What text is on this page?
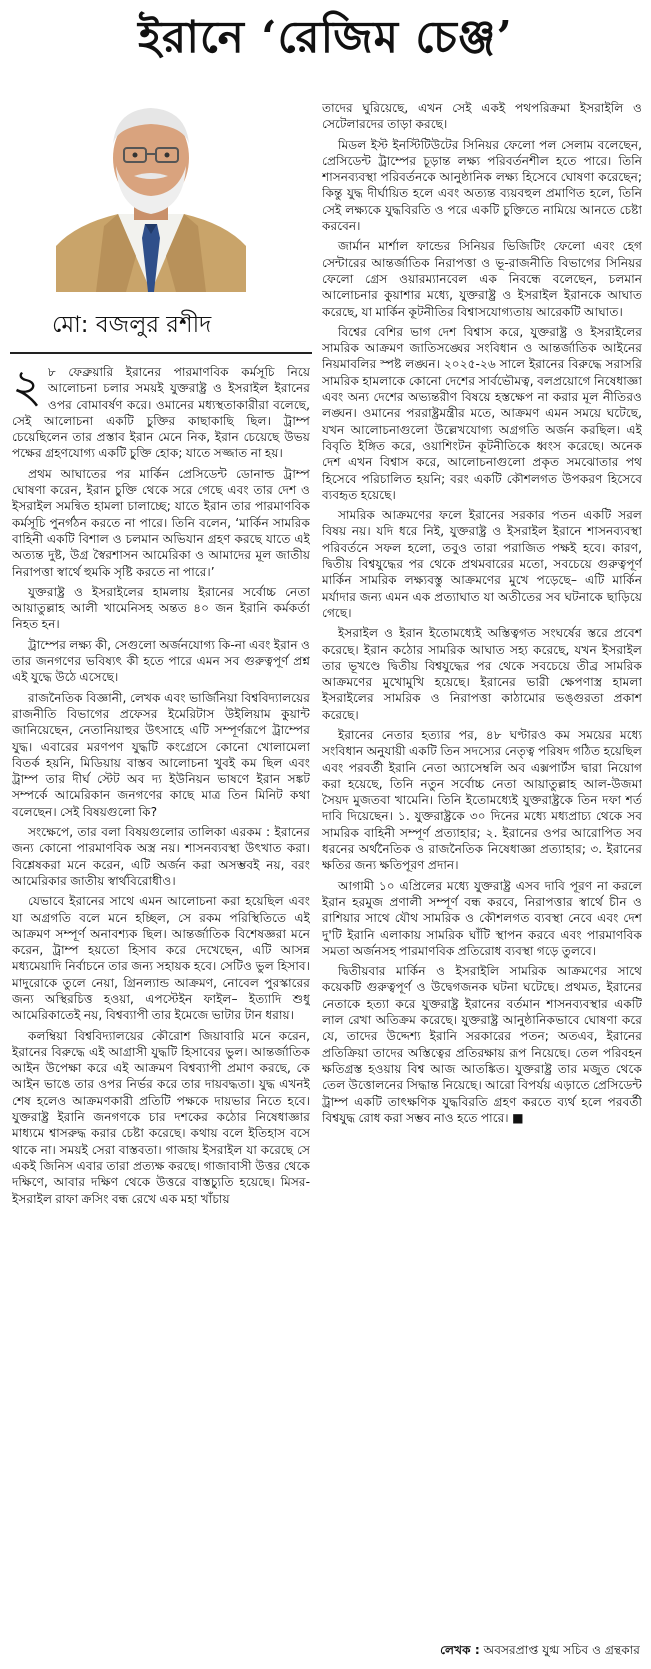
ইরানে ‘রেজিম চেঞ্জ’
মো: বজলুর রশীদ

২ ৮ ফেব্রুয়ারি ইরানের পারমাণবিক কর্মসূচি নিয়ে আলোচনা চলার সময়ই যুক্তরাষ্ট্র ও ইসরাইল ইরানের ওপর বোমাবর্ষণ করে। ওমানের মধ্যস্থতাকারীরা বলেছে, সেই আলোচনা একটি চুক্তির কাছাকাছি ছিল। ট্রাম্প চেয়েছিলেন তার প্রস্তাব ইরান মেনে নিক, ইরান চেয়েছে উভয় পক্ষের গ্রহণযোগ্য একটি চুক্তি হোক; যাতে সজ্জাত না হয়।

প্রথম আঘাতের পর মার্কিন প্রেসিডেন্ট ডোনাল্ড ট্রাম্প ঘোষণা করেন, ইরান চুক্তি থেকে সরে গেছে এবং তার দেশ ও ইসরাইল সমন্বিত হামলা চালাচ্ছে; যাতে ইরান তার পারমাণবিক কর্মসূচি পুনর্গঠন করতে না পারে। তিনি বলেন, ‘মার্কিন সামরিক বাহিনী একটি বিশাল ও চলমান অভিযান গ্রহণ করছে যাতে এই অত্যন্ত দুষ্ট, উগ্র স্বৈরশাসন আমেরিকা ও আমাদের মূল জাতীয় নিরাপত্তা স্বার্থে হুমকি সৃষ্টি করতে না পারে।’

যুক্তরাষ্ট্র ও ইসরাইলের হামলায় ইরানের সর্বোচ্চ নেতা আয়াতুল্লাহ আলী খামেনিসহ অন্তত ৪০ জন ইরানি কর্মকর্তা নিহত হন।

ট্রাম্পের লক্ষ্য কী, সেগুলো অর্জনযোগ্য কি-না এবং ইরান ও তার জনগণের ভবিষ্যৎ কী হতে পারে এমন সব গুরুত্বপূর্ণ প্রশ্ন এই যুদ্ধে উঠে এসেছে।

রাজনৈতিক বিজ্ঞানী, লেখক এবং ভার্জিনিয়া বিশ্ববিদ্যালয়ের রাজনীতি বিভাগের প্রফেসর ইমেরিটাস উইলিয়াম কুয়ান্ট জানিয়েছেন, নেতানিয়াহুর উৎসাহে এটি সম্পূর্ণরূপে ট্রাম্পের যুদ্ধ। এবারের মরণপণ যুদ্ধটি কংগ্রেসে কোনো খোলামেলা বিতর্ক হয়নি, মিডিয়ায় বাস্তব আলোচনা খুবই কম ছিল এবং ট্রাম্প তার দীর্ঘ স্টেট অব দ্য ইউনিয়ন ভাষণে ইরান সঙ্কট সম্পর্কে আমেরিকান জনগণের কাছে মাত্র তিন মিনিট কথা বলেছেন। সেই বিষয়গুলো কি?

সংক্ষেপে, তার বলা বিষয়গুলোর তালিকা এরকম : ইরানের জন্য কোনো পারমাণবিক অস্ত্র নয়। শাসনব্যবস্থা উৎখাত করা। বিশ্লেষকরা মনে করেন, এটি অর্জন করা অসম্ভবই নয়, বরং আমেরিকার জাতীয় স্বার্থবিরোধীও।

যেভাবে ইরানের সাথে এমন আলোচনা করা হয়েছিল এবং যা অগ্রগতি বলে মনে হচ্ছিল, সে রকম পরিস্থিতিতে এই আক্রমণ সম্পূর্ণ অনাবশ্যক ছিল। আন্তর্জাতিক বিশেষজ্ঞরা মনে করেন, ট্রাম্প হয়তো হিসাব করে দেখেছেন, এটি আসন্ন মধ্যমেয়াদি নির্বাচনে তার জন্য সহায়ক হবে। সেটিও ভুল হিসাব। মাদুরোকে তুলে নেয়া, গ্রিনল্যান্ড আক্রমণ, নোবেল পুরস্কারের জন্য অস্থিরচিত্ত হওয়া, এপস্টেইন ফাইল– ইত্যাদি শুধু আমেরিকাতেই নয়, বিশ্বব্যাপী তার ইমেজে ভাটার টান ধরায়।

কলম্বিয়া বিশ্ববিদ্যালয়ের কৌরোশ জিয়াবারি মনে করেন, ইরানের বিরুদ্ধে এই আগ্রাসী যুদ্ধটি হিসাবের ভুল। আন্তর্জাতিক আইন উপেক্ষা করে এই আক্রমণ বিশ্বব্যাপী প্রমাণ করছে, কে আইন ভাঙে তার ওপর নির্ভর করে তার দায়বদ্ধতা। যুদ্ধ এখনই শেষ হলেও আক্রমণকারী প্রতিটি পক্ষকে দায়ভার নিতে হবে। যুক্তরাষ্ট্র ইরানি জনগণকে চার দশকের কঠোর নিষেধাজ্ঞার মাধ্যমে শ্বাসরুদ্ধ করার চেষ্টা করেছে। কথায় বলে ইতিহাস বসে থাকে না। সময়ই সেরা বাস্তবতা। গাজায় ইসরাইল যা করেছে সে একই জিনিস এবার তারা প্রত্যক্ষ করছে। গাজাবাসী উত্তর থেকে দক্ষিণে, আবার দক্ষিণ থেকে উত্তরে বাস্তচ্যুতি হয়েছে। মিসর-ইসরাইল রাফা ক্রসিং বন্ধ রেখে এক মহা খাঁচায়

তাদের ঘুরিয়েছে, এখন সেই একই পথপরিক্রমা ইসরাইলি ও সেটেলারদের তাড়া করছে।

মিডল ইস্ট ইনস্টিটিউটের সিনিয়র ফেলো পল সেলাম বলেছেন, প্রেসিডেন্ট ট্রাম্পের চূড়ান্ত লক্ষ্য পরিবর্তনশীল হতে পারে। তিনি শাসনব্যবস্থা পরিবর্তনকে আনুষ্ঠানিক লক্ষ্য হিসেবে ঘোষণা করেছেন; কিন্তু যুদ্ধ দীর্ঘায়িত হলে এবং অত্যন্ত ব্যয়বহুল প্রমাণিত হলে, তিনি সেই লক্ষ্যকে যুদ্ধবিরতি ও পরে একটি চুক্তিতে নামিয়ে আনতে চেষ্টা করবেন।

জার্মান মার্শাল ফান্ডের সিনিয়র ভিজিটিং ফেলো এবং হেগ সেন্টারের আন্তর্জাতিক নিরাপত্তা ও ভূ-রাজনীতি বিভাগের সিনিয়র ফেলো গ্রেস ওয়ারম্যানবেল এক নিবন্ধে বলেছেন, চলমান আলোচনার কুয়াশার মধ্যে, যুক্তরাষ্ট্র ও ইসরাইল ইরানকে আঘাত করেছে, যা মার্কিন কূটনীতির বিশ্বাসযোগ্যতায় আরেকটি আঘাত।

বিশ্বের বেশির ভাগ দেশ বিশ্বাস করে, যুক্তরাষ্ট্র ও ইসরাইলের সামরিক আক্রমণ জাতিসঙ্ঘের সংবিধান ও আন্তর্জাতিক আইনের নিয়মাবলির স্পষ্ট লঙ্ঘন। ২০২৫-২৬ সালে ইরানের বিরুদ্ধে সরাসরি সামরিক হামলাকে কোনো দেশের সার্বভৌমত্ব, বলপ্রয়োগে নিষেধাজ্ঞা এবং অন্য দেশের অভ্যন্তরীণ বিষয়ে হস্তক্ষেপ না করার মূল নীতিরও লঙ্ঘন। ওমানের পররাষ্ট্রমন্ত্রীর মতে, আক্রমণ এমন সময়ে ঘটেছে, যখন আলোচনাগুলো উল্লেখযোগ্য অগ্রগতি অর্জন করছিল। এই বিবৃতি ইঙ্গিত করে, ওয়াশিংটন কূটনীতিকে ধ্বংস করেছে। অনেক দেশ এখন বিশ্বাস করে, আলোচনাগুলো প্রকৃত সমঝোতার পথ হিসেবে পরিচালিত হয়নি; বরং একটি কৌশলগত উপকরণ হিসেবে ব্যবহৃত হয়েছে।

সামরিক আক্রমণের ফলে ইরানের সরকার পতন একটি সরল বিষয় নয়। যদি ধরে নিই, যুক্তরাষ্ট্র ও ইসরাইল ইরানে শাসনব্যবস্থা পরিবর্তনে সফল হলো, তবুও তারা পরাজিত পক্ষই হবে। কারণ, দ্বিতীয় বিশ্বযুদ্ধের পর থেকে প্রথমবারের মতো, সবচেয়ে গুরুত্বপূর্ণ মার্কিন সামরিক লক্ষ্যবস্তু আক্রমণের মুখে পড়েছে– এটি মার্কিন মর্যাদার জন্য এমন এক প্রত্যাঘাত যা অতীতের সব ঘটনাকে ছাড়িয়ে গেছে।

ইসরাইল ও ইরান ইতোমধ্যেই অস্তিত্বগত সংঘর্ষের স্তরে প্রবেশ করেছে। ইরান কঠোর সামরিক আঘাত সহ্য করেছে, যখন ইসরাইল তার ভূখণ্ডে দ্বিতীয় বিশ্বযুদ্ধের পর থেকে সবচেয়ে তীব্র সামরিক আক্রমণের মুখোমুখি হয়েছে। ইরানের ভারী ক্ষেপণাস্ত্র হামলা ইসরাইলের সামরিক ও নিরাপত্তা কাঠামোর ভঙ্গুরতা প্রকাশ করেছে।

ইরানের নেতার হত্যার পর, ৪৮ ঘণ্টারও কম সময়ের মধ্যে সংবিধান অনুযায়ী একটি তিন সদস্যের নেতৃত্ব পরিষদ গঠিত হয়েছিল এবং পরবর্তী ইরানি নেতা অ্যাসেম্বলি অব এক্সপার্টস দ্বারা নিয়োগ করা হয়েছে, তিনি নতুন সর্বোচ্চ নেতা আয়াতুল্লাহ আল-উজমা সৈয়দ মুজতবা খামেনি। তিনি ইতোমধ্যেই যুক্তরাষ্ট্রকে তিন দফা শর্ত দাবি দিয়েছেন। ১. যুক্তরাষ্ট্রকে ৩০ দিনের মধ্যে মধ্যপ্রাচ্য থেকে সব সামরিক বাহিনী সম্পূর্ণ প্রত্যাহার; ২. ইরানের ওপর আরোপিত সব ধরনের অর্থনৈতিক ও রাজনৈতিক নিষেধাজ্ঞা প্রত্যাহার; ৩. ইরানের ক্ষতির জন্য ক্ষতিপূরণ প্রদান।

আগামী ১০ এপ্রিলের মধ্যে যুক্তরাষ্ট্র এসব দাবি পূরণ না করলে ইরান হরমুজ প্রণালী সম্পূর্ণ বন্ধ করবে, নিরাপত্তার স্বার্থে চীন ও রাশিয়ার সাথে যৌথ সামরিক ও কৌশলগত ব্যবস্থা নেবে এবং দেশ দু'টি ইরানি এলাকায় সামরিক ঘাঁটি স্থাপন করবে এবং পারমাণবিক সমতা অর্জনসহ পারমাণবিক প্রতিরোধ ব্যবস্থা গড়ে তুলবে।

দ্বিতীয়বার মার্কিন ও ইসরাইলি সামরিক আক্রমণের সাথে কয়েকটি গুরুত্বপূর্ণ ও উদ্বেগজনক ঘটনা ঘটেছে। প্রথমত, ইরানের নেতাকে হত্যা করে যুক্তরাষ্ট্র ইরানের বর্তমান শাসনব্যবস্থার একটি লাল রেখা অতিক্রম করেছে। যুক্তরাষ্ট্র আনুষ্ঠানিকভাবে ঘোষণা করে যে, তাদের উদ্দেশ্য ইরানি সরকারের পতন; অতএব, ইরানের প্রতিক্রিয়া তাদের অস্তিত্বের প্রতিরক্ষায় রূপ নিয়েছে। তেল পরিবহন ক্ষতিগ্রস্ত হওয়ায় বিশ্ব আজ আতঙ্কিত। যুক্তরাষ্ট্র তার মজুত থেকে তেল উত্তোলনের সিদ্ধান্ত নিয়েছে। আরো বিপর্যয় এড়াতে প্রেসিডেন্ট ট্রাম্প একটি তাৎক্ষণিক যুদ্ধবিরতি গ্রহণ করতে ব্যর্থ হলে পরবর্তী বিশ্বযুদ্ধ রোধ করা সম্ভব নাও হতে পারে। ■

লেখক : অবসরপ্রাপ্ত যুগ্ম সচিব ও গ্রন্থকার
